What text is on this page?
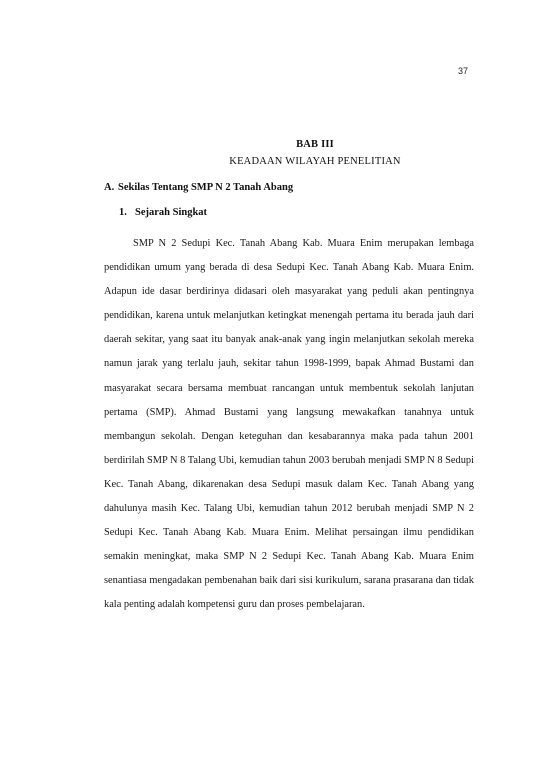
37
BAB III
KEADAAN WILAYAH PENELITIAN
A. Sekilas Tentang SMP N 2 Tanah Abang
1. Sejarah Singkat

SMP N 2 Sedupi Kec. Tanah Abang Kab. Muara Enim merupakan lembaga pendidikan umum yang berada di desa Sedupi Kec. Tanah Abang Kab. Muara Enim. Adapun ide dasar berdirinya didasari oleh masyarakat yang peduli akan pentingnya pendidikan, karena untuk melanjutkan ketingkat menengah pertama itu berada jauh dari daerah sekitar, yang saat itu banyak anak-anak yang ingin melanjutkan sekolah mereka namun jarak yang terlalu jauh, sekitar tahun 1998-1999, bapak Ahmad Bustami dan masyarakat secara bersama membuat rancangan untuk membentuk sekolah lanjutan pertama (SMP). Ahmad Bustami yang langsung mewakafkan tanahnya untuk membangun sekolah. Dengan keteguhan dan kesabarannya maka pada tahun 2001 berdirilah SMP N 8 Talang Ubi, kemudian tahun 2003 berubah menjadi SMP N 8 Sedupi Kec. Tanah Abang, dikarenakan desa Sedupi masuk dalam Kec. Tanah Abang yang dahulunya masih Kec. Talang Ubi, kemudian tahun 2012 berubah menjadi SMP N 2 Sedupi Kec. Tanah Abang Kab. Muara Enim. Melihat persaingan ilmu pendidikan semakin meningkat, maka SMP N 2 Sedupi Kec. Tanah Abang Kab. Muara Enim senantiasa mengadakan pembenahan baik dari sisi kurikulum, sarana prasarana dan tidak kala penting adalah kompetensi guru dan proses pembelajaran.
